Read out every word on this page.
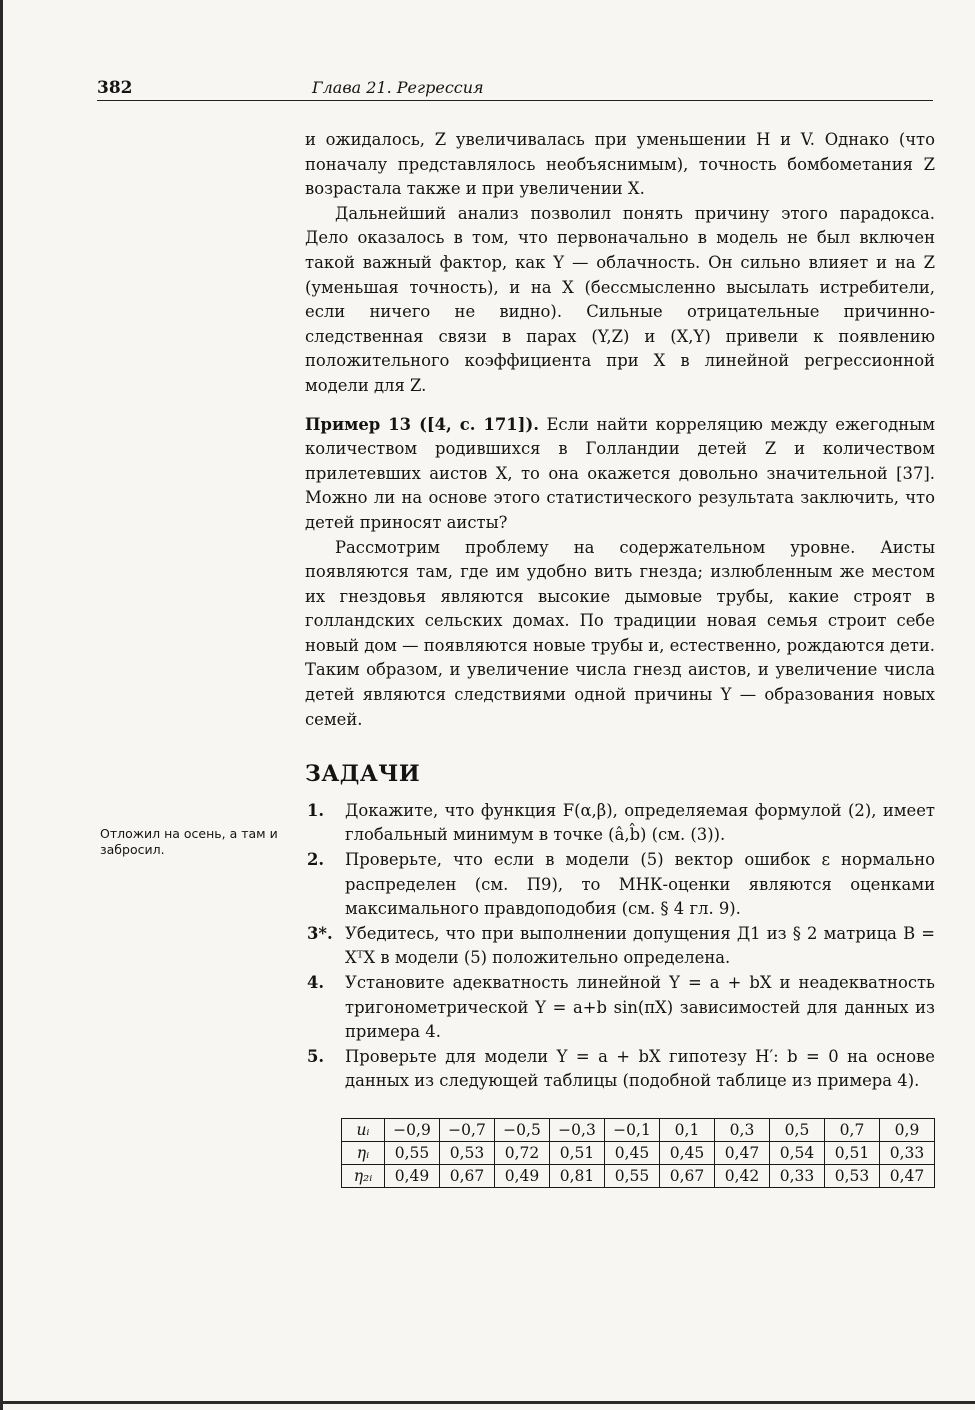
382	Глава 21. Регрессия
Отложил на осень, а там и забросил.

и ожидалось, Z увеличивалась при уменьшении H и V. Однако (что поначалу представлялось необъяснимым), точность бомбометания Z возрастала также и при увеличении X.

Дальнейший анализ позволил понять причину этого парадокса. Дело оказалось в том, что первоначально в модель не был включен такой важный фактор, как Y — облачность. Он сильно влияет и на Z (уменьшая точность), и на X (бессмысленно высылать истребители, если ничего не видно). Сильные отрицательные причинно-следственная связи в парах (Y,Z) и (X,Y) привели к появлению положительного коэффициента при X в линейной регрессионной модели для Z.

Пример 13 ([4, с. 171]). Если найти корреляцию между ежегодным количеством родившихся в Голландии детей Z и количеством прилетевших аистов X, то она окажется довольно значительной [37]. Можно ли на основе этого статистического результата заключить, что детей приносят аисты?

Рассмотрим проблему на содержательном уровне. Аисты появляются там, где им удобно вить гнезда; излюбленным же местом их гнездовья являются высокие дымовые трубы, какие строят в голландских сельских домах. По традиции новая семья строит себе новый дом — появляются новые трубы и, естественно, рождаются дети. Таким образом, и увеличение числа гнезд аистов, и увеличение числа детей являются следствиями одной причины Y — образования новых семей.

ЗАДАЧИ
1. Докажите, что функция F(α,β), определяемая формулой (2), имеет глобальный минимум в точке (â,b̂) (см. (3)).
2. Проверьте, что если в модели (5) вектор ошибок ε нормально распределен (см. П9), то МНК-оценки являются оценками максимального правдоподобия (см. § 4 гл. 9).
3*. Убедитесь, что при выполнении допущения Д1 из § 2 матрица B = XᵀX в модели (5) положительно определена.
4. Установите адекватность линейной Y = a + bX и неадекватность тригонометрической Y = a+b sin(πX) зависимостей для данных из примера 4.
5. Проверьте для модели Y = a + bX гипотезу H′: b = 0 на основе данных из следующей таблицы (подобной таблице из примера 4).
uᵢ	−0,9	−0,7	−0,5	−0,3	−0,1	0,1	0,3	0,5	0,7	0,9
ηᵢ	0,55	0,53	0,72	0,51	0,45	0,45	0,47	0,54	0,51	0,33
η₂ᵢ	0,49	0,67	0,49	0,81	0,55	0,67	0,42	0,33	0,53	0,47
